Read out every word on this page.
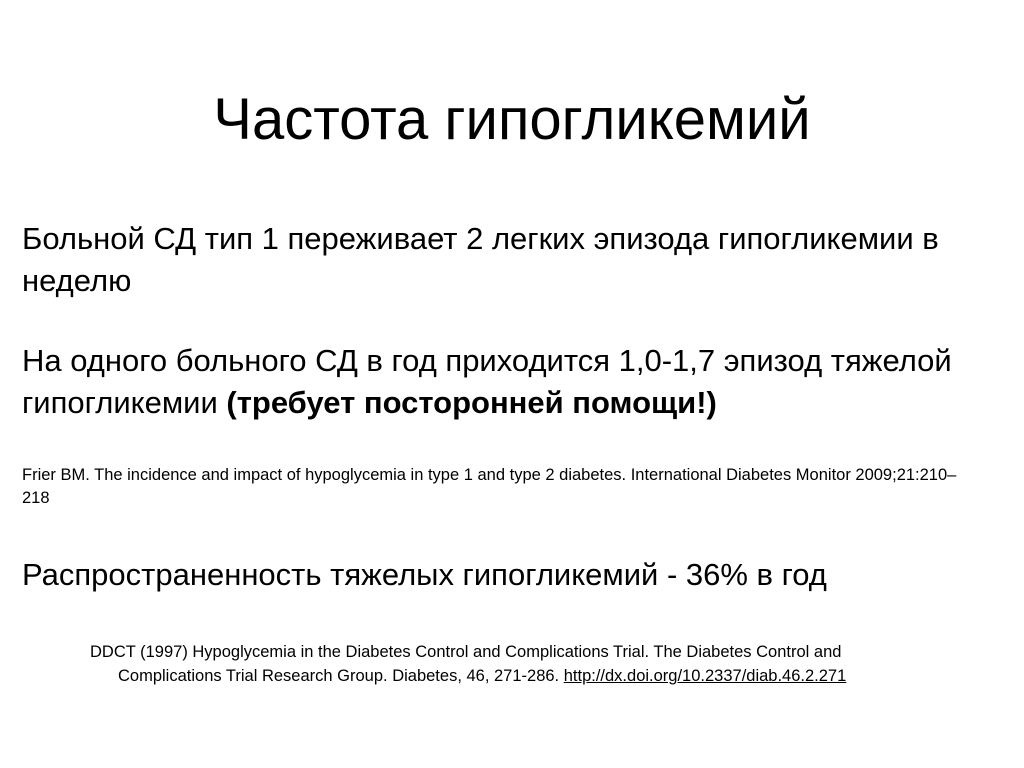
Частота гипогликемий

Больной СД тип 1 переживает 2 легких эпизода гипогликемии в неделю

На одного больного СД в год приходится 1,0-1,7 эпизод тяжелой гипогликемии (требует посторонней помощи!)

Frier BM. The incidence and impact of hypoglycemia in type 1 and type 2 diabetes. International Diabetes Monitor 2009;21:210–218

Распространенность тяжелых гипогликемий - 36% в год

DDCT (1997) Hypoglycemia in the Diabetes Control and Complications Trial. The Diabetes Control and
Complications Trial Research Group. Diabetes, 46, 271-286. http://dx.doi.org/10.2337/diab.46.2.271
